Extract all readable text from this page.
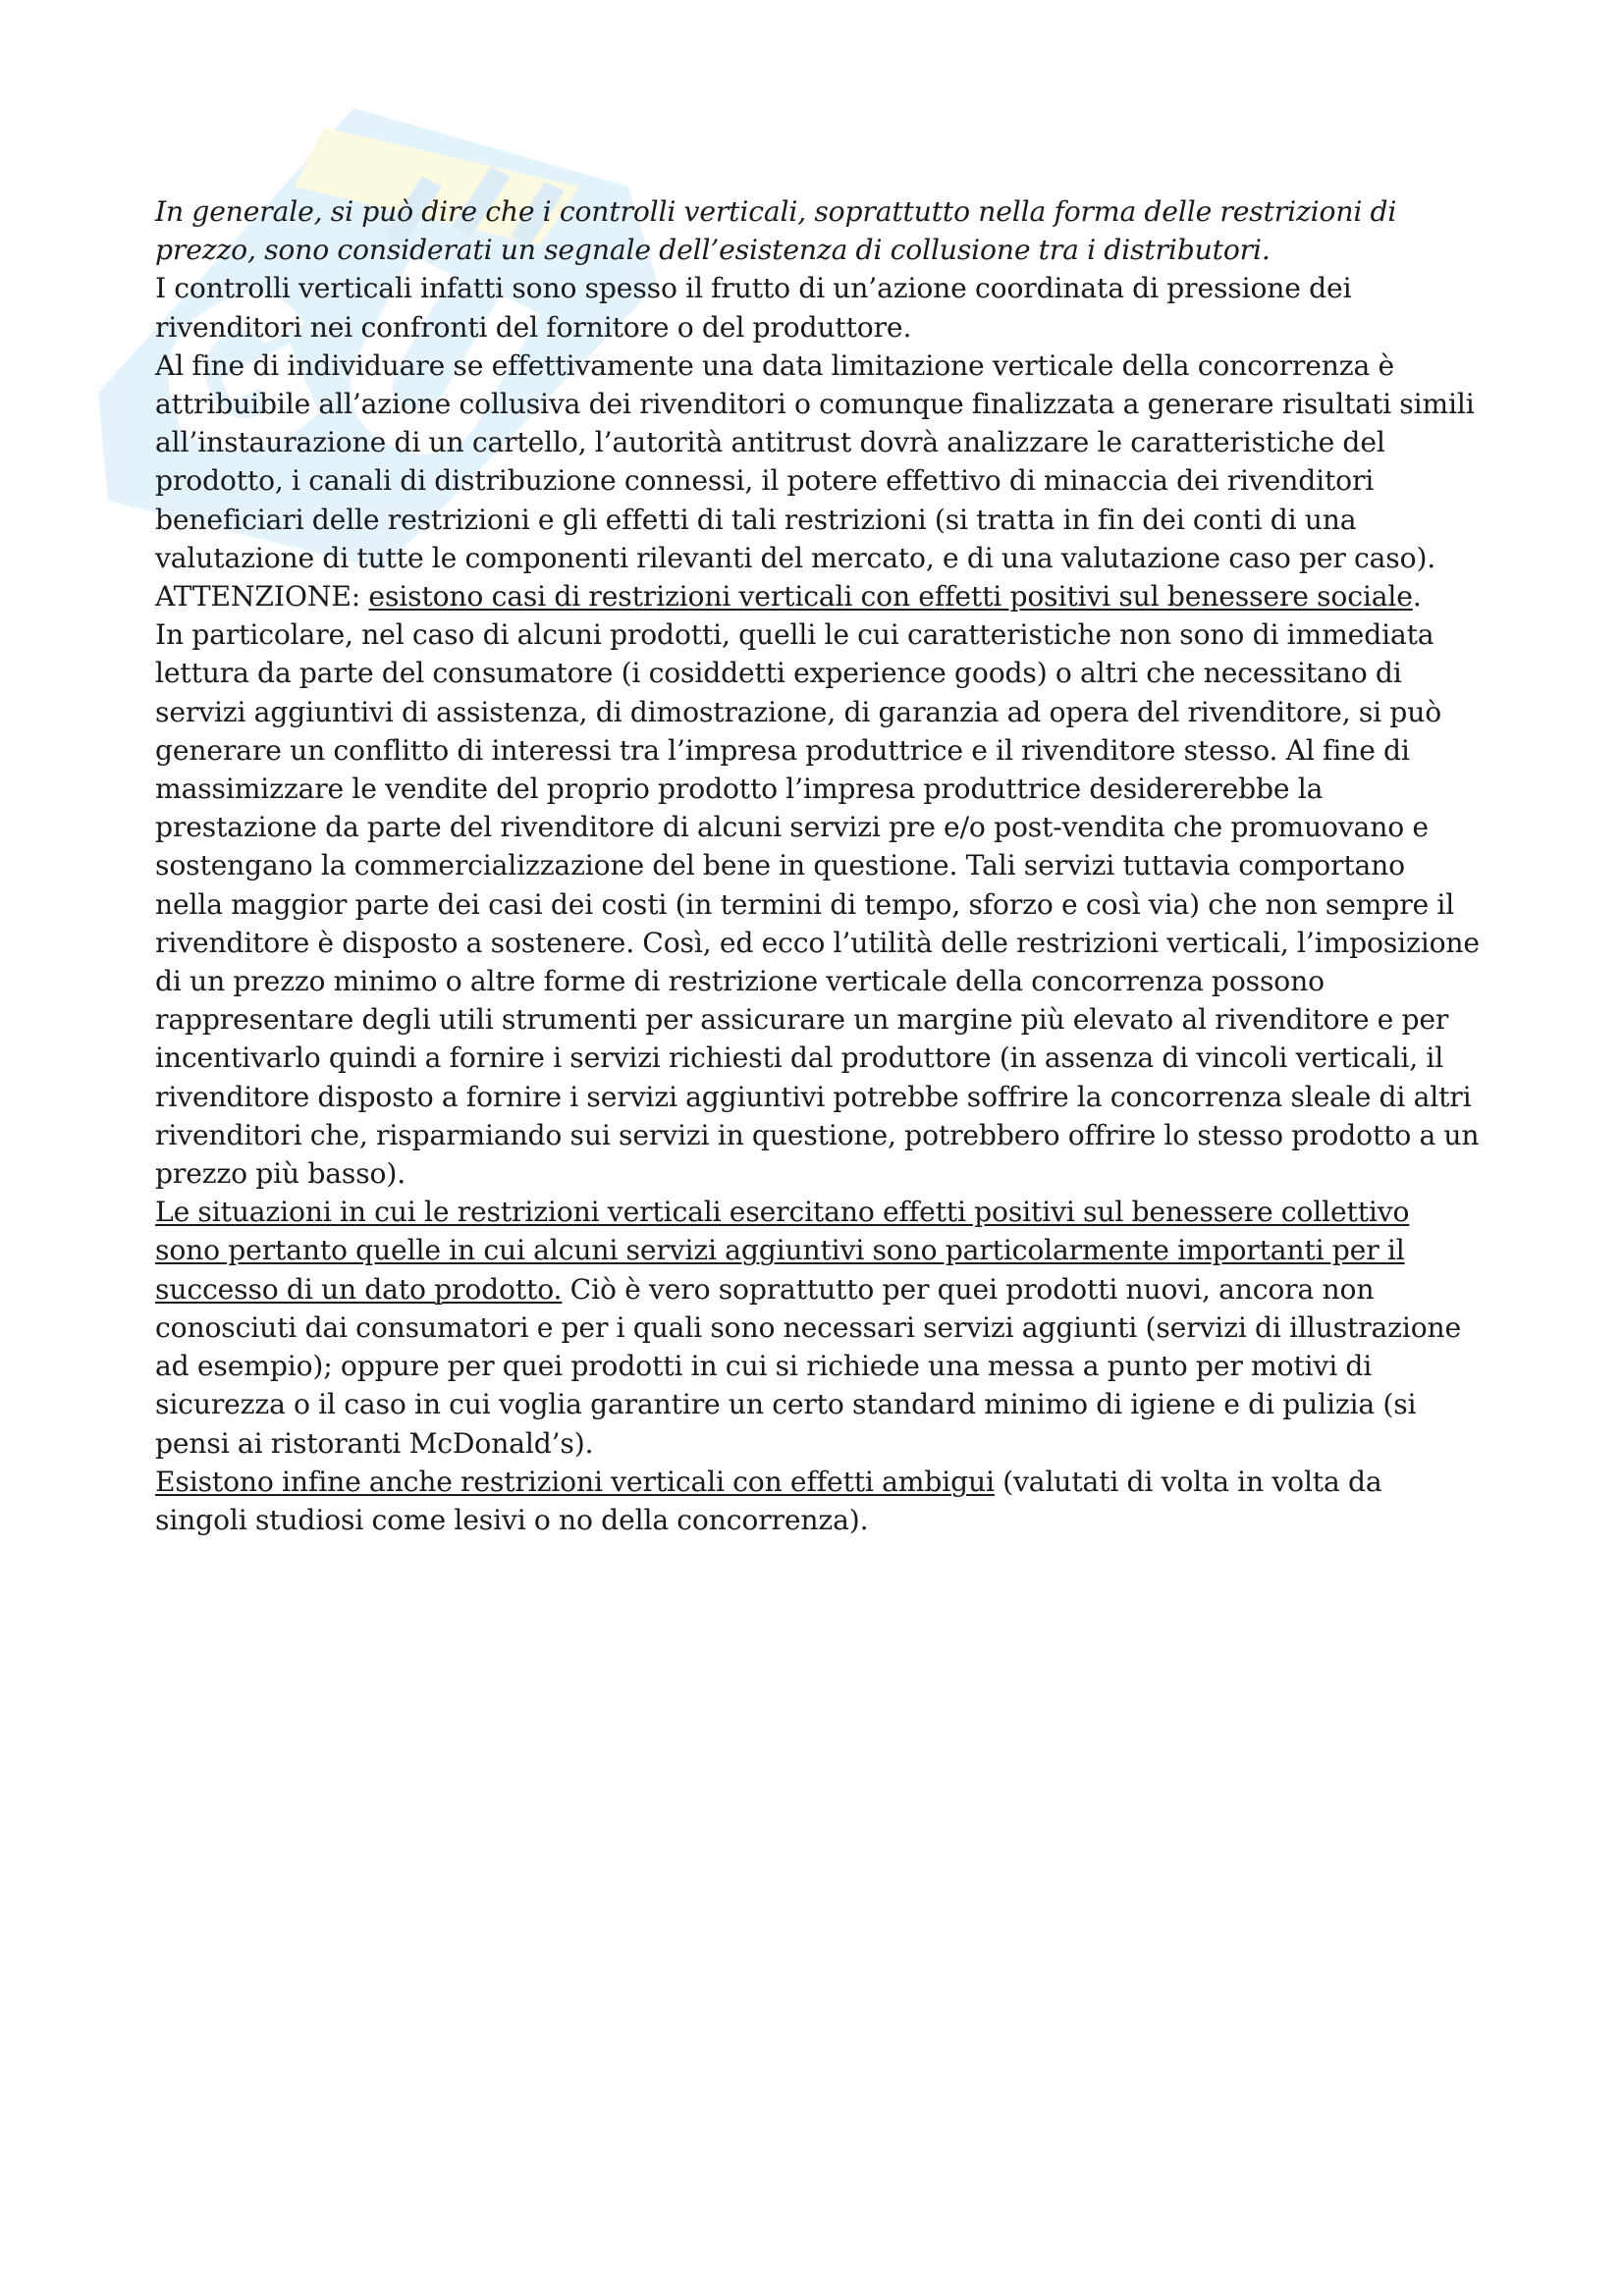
In generale, si può dire che i controlli verticali, soprattutto nella forma delle restrizioni di prezzo, sono considerati un segnale dell’esistenza di collusione tra i distributori.

I controlli verticali infatti sono spesso il frutto di un’azione coordinata di pressione dei rivenditori nei confronti del fornitore o del produttore.

Al fine di individuare se effettivamente una data limitazione verticale della concorrenza è attribuibile all’azione collusiva dei rivenditori o comunque finalizzata a generare risultati simili all’instaurazione di un cartello, l’autorità antitrust dovrà analizzare le caratteristiche del prodotto, i canali di distribuzione connessi, il potere effettivo di minaccia dei rivenditori beneficiari delle restrizioni e gli effetti di tali restrizioni (si tratta in fin dei conti di una valutazione di tutte le componenti rilevanti del mercato, e di una valutazione caso per caso).

ATTENZIONE: esistono casi di restrizioni verticali con effetti positivi sul benessere sociale.

In particolare, nel caso di alcuni prodotti, quelli le cui caratteristiche non sono di immediata lettura da parte del consumatore (i cosiddetti experience goods) o altri che necessitano di servizi aggiuntivi di assistenza, di dimostrazione, di garanzia ad opera del rivenditore, si può generare un conflitto di interessi tra l’impresa produttrice e il rivenditore stesso. Al fine di massimizzare le vendite del proprio prodotto l’impresa produttrice desidererebbe la prestazione da parte del rivenditore di alcuni servizi pre e/o post-vendita che promuovano e sostengano la commercializzazione del bene in questione. Tali servizi tuttavia comportano nella maggior parte dei casi dei costi (in termini di tempo, sforzo e così via) che non sempre il rivenditore è disposto a sostenere. Così, ed ecco l’utilità delle restrizioni verticali, l’imposizione di un prezzo minimo o altre forme di restrizione verticale della concorrenza possono rappresentare degli utili strumenti per assicurare un margine più elevato al rivenditore e per incentivarlo quindi a fornire i servizi richiesti dal produttore (in assenza di vincoli verticali, il rivenditore disposto a fornire i servizi aggiuntivi potrebbe soffrire la concorrenza sleale di altri rivenditori che, risparmiando sui servizi in questione, potrebbero offrire lo stesso prodotto a un prezzo più basso).

Le situazioni in cui le restrizioni verticali esercitano effetti positivi sul benessere collettivo sono pertanto quelle in cui alcuni servizi aggiuntivi sono particolarmente importanti per il successo di un dato prodotto. Ciò è vero soprattutto per quei prodotti nuovi, ancora non conosciuti dai consumatori e per i quali sono necessari servizi aggiunti (servizi di illustrazione ad esempio); oppure per quei prodotti in cui si richiede una messa a punto per motivi di sicurezza o il caso in cui voglia garantire un certo standard minimo di igiene e di pulizia (si pensi ai ristoranti McDonald’s).

Esistono infine anche restrizioni verticali con effetti ambigui (valutati di volta in volta da singoli studiosi come lesivi o no della concorrenza).
